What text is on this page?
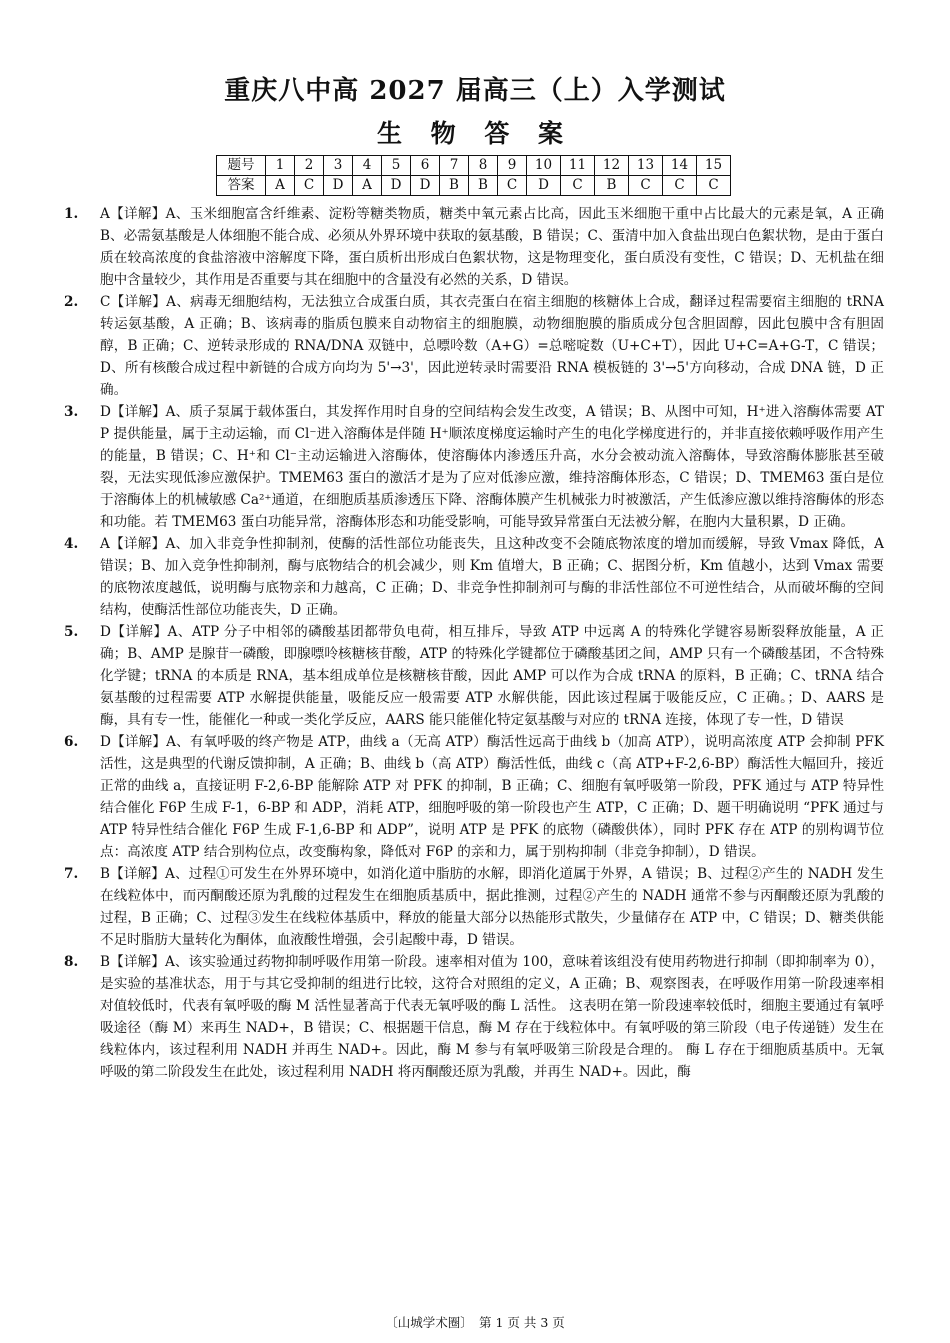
重庆八中高 2027 届高三（上）入学测试
生 物 答 案
题号	1	2	3	4	5	6	7	8	9	10	11	12	13	14	15
答案	A	C	D	A	D	D	B	B	C	D	C	B	C	C	C
1.	A【详解】A、玉米细胞富含纤维素、淀粉等糖类物质，糖类中氧元素占比高，因此玉米细胞干重中占比最大的元素是氧，A 正确 B、必需氨基酸是人体细胞不能合成、必须从外界环境中获取的氨基酸，B 错误；C、蛋清中加入食盐出现白色絮状物，是由于蛋白质在较高浓度的食盐溶液中溶解度下降，蛋白质析出形成白色絮状物，这是物理变化，蛋白质没有变性，C 错误；D、无机盐在细胞中含量较少，其作用是否重要与其在细胞中的含量没有必然的关系，D 错误。
2.	C【详解】A、病毒无细胞结构，无法独立合成蛋白质，其衣壳蛋白在宿主细胞的核糖体上合成，翻译过程需要宿主细胞的 tRNA 转运氨基酸，A 正确；B、该病毒的脂质包膜来自动物宿主的细胞膜，动物细胞膜的脂质成分包含胆固醇，因此包膜中含有胆固醇，B 正确；C、逆转录形成的 RNA/DNA 双链中，总嘌呤数（A+G）=总嘧啶数（U+C+T），因此 U+C=A+G-T，C 错误；D、所有核酸合成过程中新链的合成方向均为 5'→3'，因此逆转录时需要沿 RNA 模板链的 3'→5'方向移动，合成 DNA 链，D 正确。
3.	D【详解】A、质子泵属于载体蛋白，其发挥作用时自身的空间结构会发生改变，A 错误；B、从图中可知，H⁺进入溶酶体需要 ATP 提供能量，属于主动运输，而 Cl⁻进入溶酶体是伴随 H⁺顺浓度梯度运输时产生的电化学梯度进行的，并非直接依赖呼吸作用产生的能量，B 错误；C、H⁺和 Cl⁻主动运输进入溶酶体，使溶酶体内渗透压升高，水分会被动流入溶酶体，导致溶酶体膨胀甚至破裂，无法实现低渗应激保护。TMEM63 蛋白的激活才是为了应对低渗应激，维持溶酶体形态，C 错误；D、TMEM63 蛋白是位于溶酶体上的机械敏感 Ca²⁺通道，在细胞质基质渗透压下降、溶酶体膜产生机械张力时被激活，产生低渗应激以维持溶酶体的形态和功能。若 TMEM63 蛋白功能异常，溶酶体形态和功能受影响，可能导致异常蛋白无法被分解，在胞内大量积累，D 正确。
4.	A【详解】A、加入非竞争性抑制剂，使酶的活性部位功能丧失，且这种改变不会随底物浓度的增加而缓解，导致 Vmax 降低，A 错误；B、加入竞争性抑制剂，酶与底物结合的机会减少，则 Km 值增大，B 正确；C、据图分析，Km 值越小，达到 Vmax 需要的底物浓度越低，说明酶与底物亲和力越高，C 正确；D、非竞争性抑制剂可与酶的非活性部位不可逆性结合，从而破坏酶的空间结构，使酶活性部位功能丧失，D 正确。
5.	D【详解】A、ATP 分子中相邻的磷酸基团都带负电荷，相互排斥，导致 ATP 中远离 A 的特殊化学键容易断裂释放能量，A 正确；B、AMP 是腺苷一磷酸，即腺嘌呤核糖核苷酸，ATP 的特殊化学键都位于磷酸基团之间，AMP 只有一个磷酸基团，不含特殊化学键；tRNA 的本质是 RNA，基本组成单位是核糖核苷酸，因此 AMP 可以作为合成 tRNA 的原料，B 正确；C、tRNA 结合氨基酸的过程需要 ATP 水解提供能量，吸能反应一般需要 ATP 水解供能，因此该过程属于吸能反应，C 正确。；D、AARS 是酶，具有专一性，能催化一种或一类化学反应，AARS 能只能催化特定氨基酸与对应的 tRNA 连接，体现了专一性，D 错误
6.	D【详解】A、有氧呼吸的终产物是 ATP，曲线 a（无高 ATP）酶活性远高于曲线 b（加高 ATP），说明高浓度 ATP 会抑制 PFK 活性，这是典型的代谢反馈抑制，A 正确；B、曲线 b（高 ATP）酶活性低，曲线 c（高 ATP+F-2,6-BP）酶活性大幅回升，接近正常的曲线 a，直接证明 F-2,6-BP 能解除 ATP 对 PFK 的抑制，B 正确；C、细胞有氧呼吸第一阶段，PFK 通过与 ATP 特异性结合催化 F6P 生成 F-1，6-BP 和 ADP，消耗 ATP，细胞呼吸的第一阶段也产生 ATP，C 正确；D、题干明确说明 “PFK 通过与 ATP 特异性结合催化 F6P 生成 F-1,6-BP 和 ADP”，说明 ATP 是 PFK 的底物（磷酸供体），同时 PFK 存在 ATP 的别构调节位点：高浓度 ATP 结合别构位点，改变酶构象，降低对 F6P 的亲和力，属于别构抑制（非竞争抑制），D 错误。
7.	B【详解】A、过程①可发生在外界环境中，如消化道中脂肪的水解，即消化道属于外界，A 错误；B、过程②产生的 NADH 发生在线粒体中，而丙酮酸还原为乳酸的过程发生在细胞质基质中，据此推测，过程②产生的 NADH 通常不参与丙酮酸还原为乳酸的过程，B 正确；C、过程③发生在线粒体基质中，释放的能量大部分以热能形式散失，少量储存在 ATP 中，C 错误；D、糖类供能不足时脂肪大量转化为酮体，血液酸性增强，会引起酸中毒，D 错误。
8.	B【详解】A、该实验通过药物抑制呼吸作用第一阶段。速率相对值为 100，意味着该组没有使用药物进行抑制（即抑制率为 0），是实验的基准状态，用于与其它受抑制的组进行比较，这符合对照组的定义，A 正确；B、观察图表，在呼吸作用第一阶段速率相对值较低时，代表有氧呼吸的酶 M 活性显著高于代表无氧呼吸的酶 L 活性。 这表明在第一阶段速率较低时，细胞主要通过有氧呼吸途径（酶 M）来再生 NAD+，B 错误；C、根据题干信息，酶 M 存在于线粒体中。有氧呼吸的第三阶段（电子传递链）发生在线粒体内，该过程利用 NADH 并再生 NAD+。因此，酶 M 参与有氧呼吸第三阶段是合理的。 酶 L 存在于细胞质基质中。无氧呼吸的第二阶段发生在此处，该过程利用 NADH 将丙酮酸还原为乳酸，并再生 NAD+。因此，酶
〔山城学术圈〕　第 1 页 共 3 页
